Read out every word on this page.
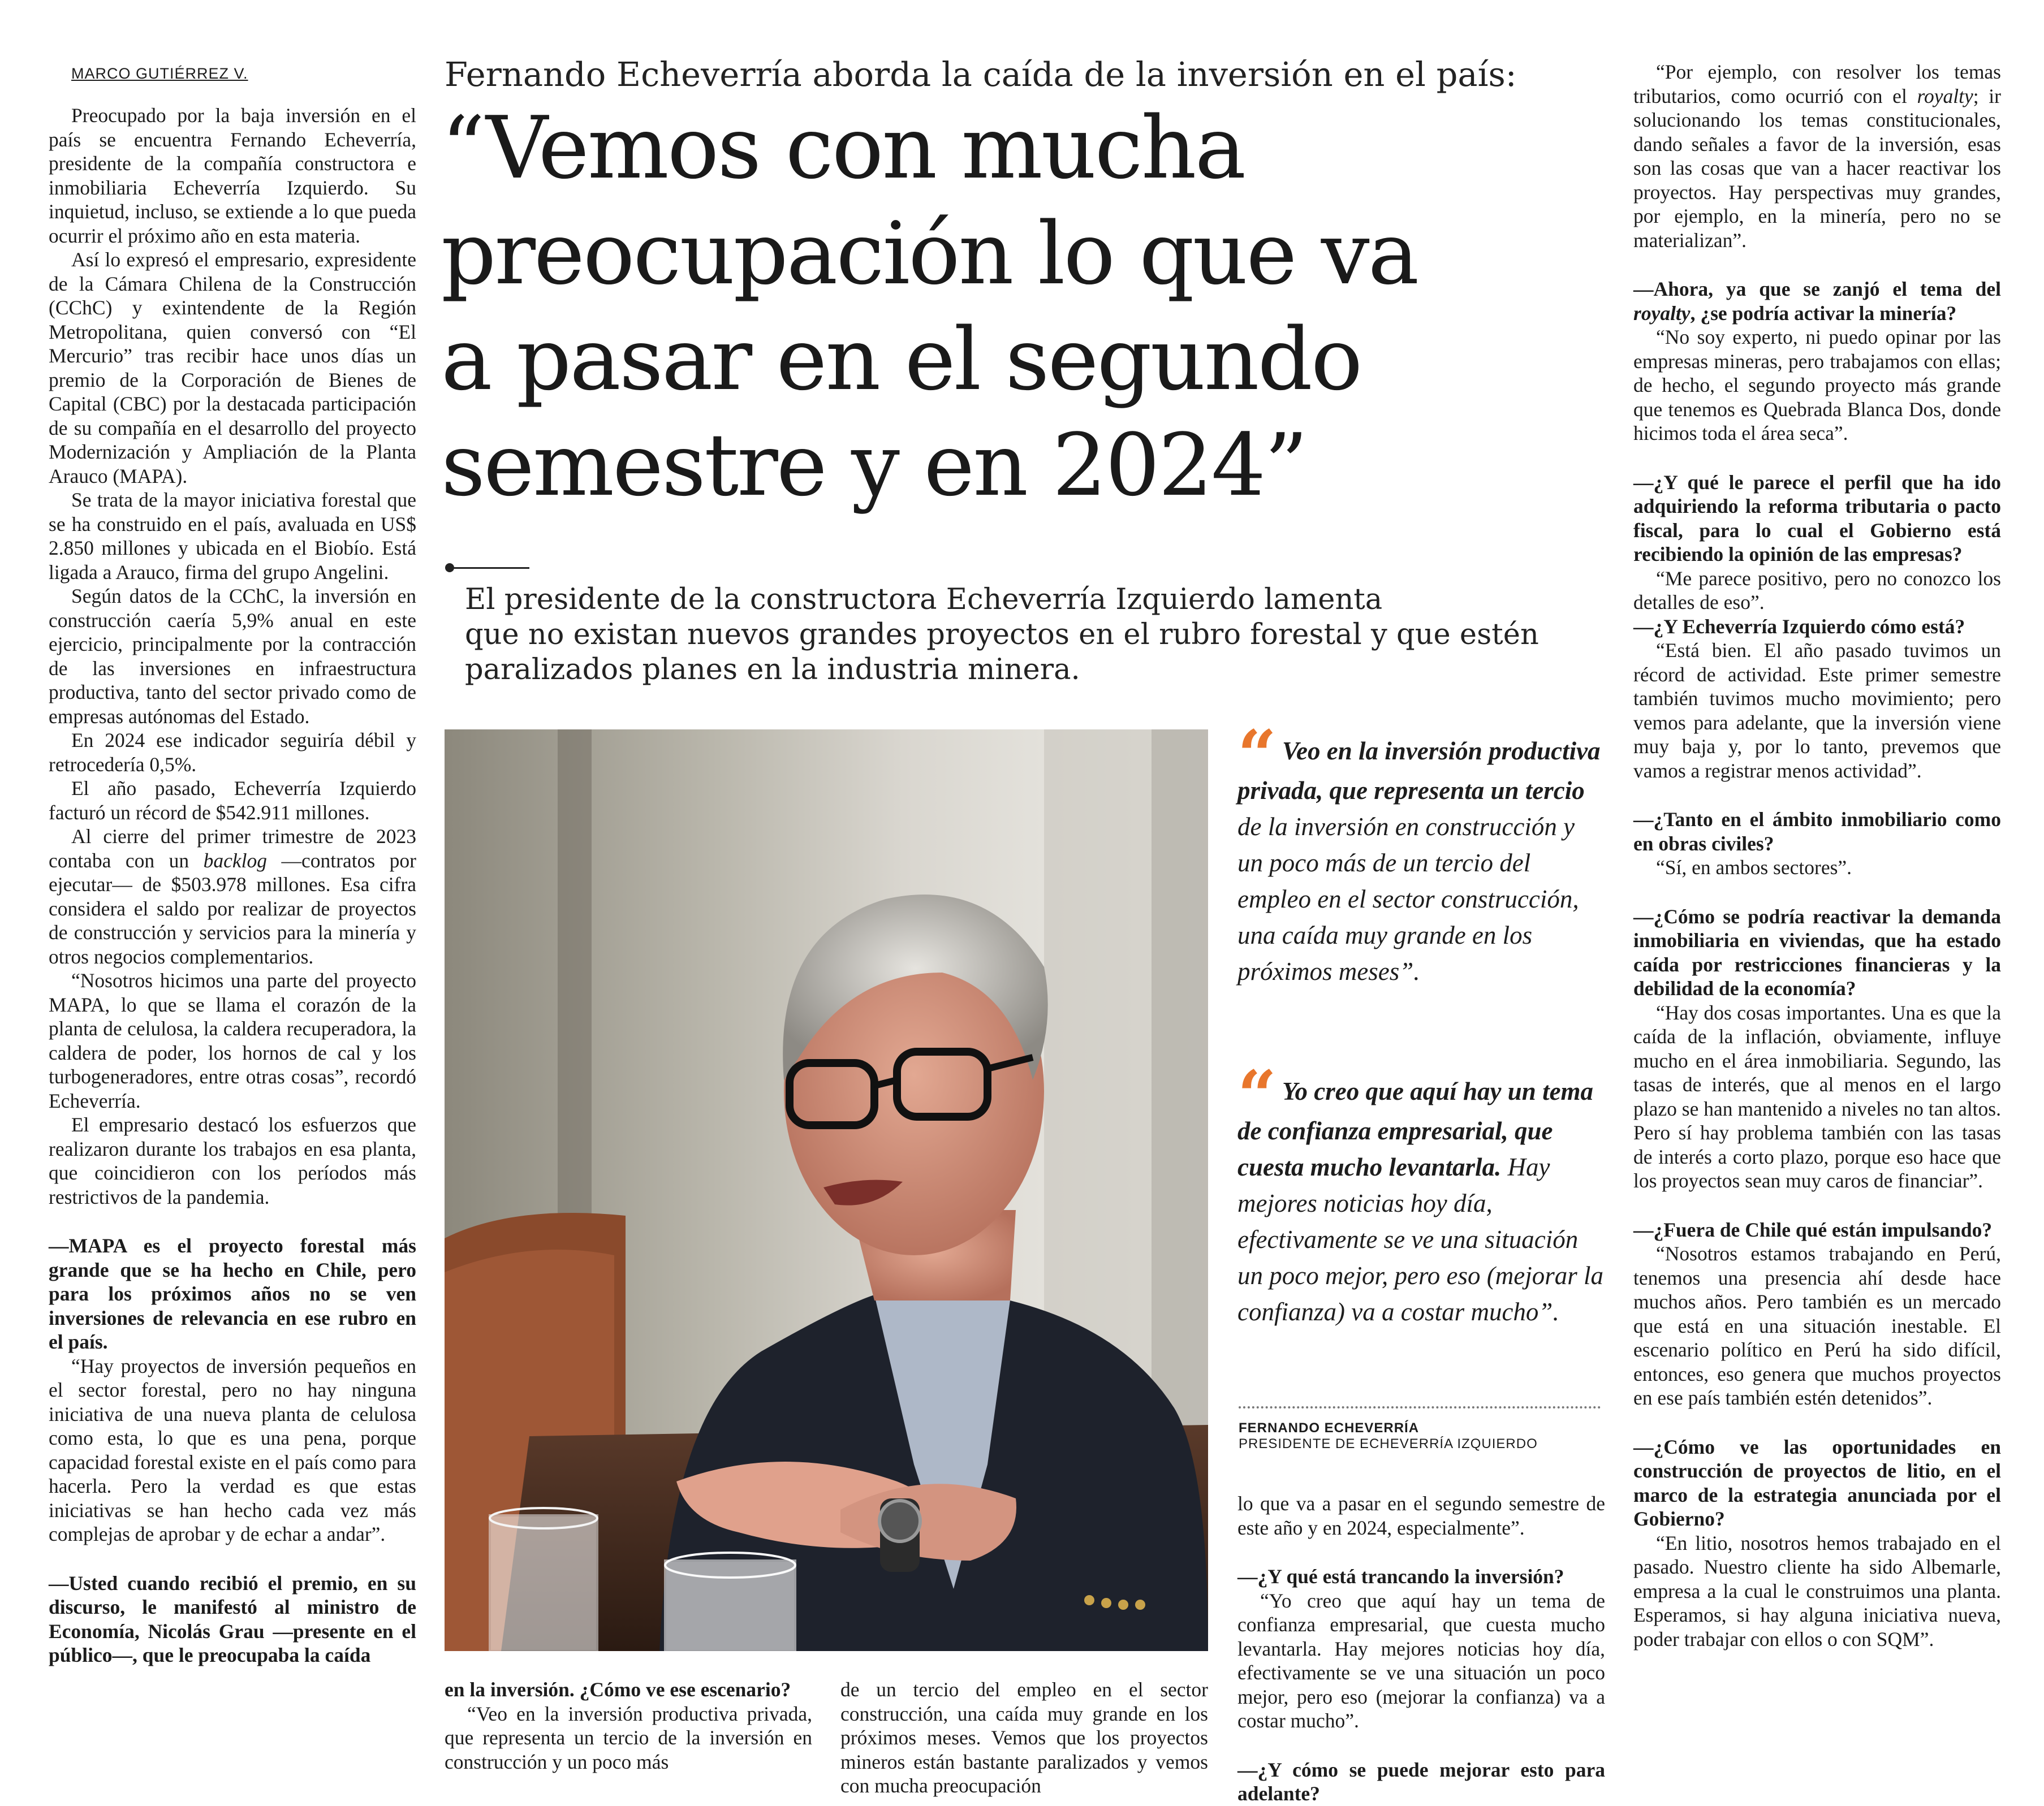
MARCO GUTIÉRREZ V.

Preocupado por la baja inversión en el país se encuentra Fernando Echeverría, presidente de la compañía constructora e inmobiliaria Echeverría Izquierdo. Su inquietud, incluso, se extiende a lo que pueda ocurrir el próximo año en esta materia.

Así lo expresó el empresario, expresidente de la Cámara Chilena de la Construcción (CChC) y exintendente de la Región Metropolitana, quien conversó con “El Mercurio” tras recibir hace unos días un premio de la Corporación de Bienes de Capital (CBC) por la destacada participación de su compañía en el desarrollo del proyecto Modernización y Ampliación de la Planta Arauco (MAPA).

Se trata de la mayor iniciativa forestal que se ha construido en el país, avaluada en US$ 2.850 millones y ubicada en el Biobío. Está ligada a Arauco, firma del grupo Angelini.

Según datos de la CChC, la inversión en construcción caería 5,9% anual en este ejercicio, principalmente por la contracción de las inversiones en infraestructura productiva, tanto del sector privado como de empresas autónomas del Estado.

En 2024 ese indicador seguiría débil y retrocedería 0,5%.

El año pasado, Echeverría Izquierdo facturó un récord de $542.911 millones.

Al cierre del primer trimestre de 2023 contaba con un backlog —contratos por ejecutar— de $503.978 millones. Esa cifra considera el saldo por realizar de proyectos de construcción y servicios para la minería y otros negocios complementarios.

“Nosotros hicimos una parte del proyecto MAPA, lo que se llama el corazón de la planta de celulosa, la caldera recuperadora, la caldera de poder, los hornos de cal y los turbogeneradores, entre otras cosas”, recordó Echeverría.

El empresario destacó los esfuerzos que realizaron durante los trabajos en esa planta, que coincidieron con los períodos más restrictivos de la pandemia.

—MAPA es el proyecto forestal más grande que se ha hecho en Chile, pero para los próximos años no se ven inversiones de relevancia en ese rubro en el país.

“Hay proyectos de inversión pequeños en el sector forestal, pero no hay ninguna iniciativa de una nueva planta de celulosa como esta, lo que es una pena, porque capacidad forestal existe en el país como para hacerla. Pero la verdad es que estas iniciativas se han hecho cada vez más complejas de aprobar y de echar a andar”.

—Usted cuando recibió el premio, en su discurso, le manifestó al ministro de Economía, Nicolás Grau —presente en el público—, que le preocupaba la caída

Fernando Echeverría aborda la caída de la inversión en el país:
“Vemos con mucha
preocupación lo que va
a pasar en el segundo
semestre y en 2024”
El presidente de la constructora Echeverría Izquierdo lamenta
que no existan nuevos grandes proyectos en el rubro forestal y que estén
paralizados planes en la industria minera.
“ Veo en la inversión productiva privada, que representa un tercio de la inversión en construcción y un poco más de un tercio del empleo en el sector construcción, una caída muy grande en los próximos meses”.
“ Yo creo que aquí hay un tema de confianza empresarial, que cuesta mucho levantarla. Hay mejores noticias hoy día, efectivamente se ve una situación un poco mejor, pero eso (mejorar la confianza) va a costar mucho”.
FERNANDO ECHEVERRÍA
PRESIDENTE DE ECHEVERRÍA IZQUIERDO

en la inversión. ¿Cómo ve ese escenario?

“Veo en la inversión productiva privada, que representa un tercio de la inversión en construcción y un poco más

de un tercio del empleo en el sector construcción, una caída muy grande en los próximos meses. Vemos que los proyectos mineros están bastante paralizados y vemos con mucha preocupación

lo que va a pasar en el segundo semestre de este año y en 2024, especialmente”.

—¿Y qué está trancando la inversión?

“Yo creo que aquí hay un tema de confianza empresarial, que cuesta mucho levantarla. Hay mejores noticias hoy día, efectivamente se ve una situación un poco mejor, pero eso (mejorar la confianza) va a costar mucho”.

—¿Y cómo se puede mejorar esto para adelante?

“Por ejemplo, con resolver los temas tributarios, como ocurrió con el royalty; ir solucionando los temas constitucionales, dando señales a favor de la inversión, esas son las cosas que van a hacer reactivar los proyectos. Hay perspectivas muy grandes, por ejemplo, en la minería, pero no se materializan”.

—Ahora, ya que se zanjó el tema del royalty, ¿se podría activar la minería?

“No soy experto, ni puedo opinar por las empresas mineras, pero trabajamos con ellas; de hecho, el segundo proyecto más grande que tenemos es Quebrada Blanca Dos, donde hicimos toda el área seca”.

—¿Y qué le parece el perfil que ha ido adquiriendo la reforma tributaria o pacto fiscal, para lo cual el Gobierno está recibiendo la opinión de las empresas?

“Me parece positivo, pero no conozco los detalles de eso”.

—¿Y Echeverría Izquierdo cómo está?

“Está bien. El año pasado tuvimos un récord de actividad. Este primer semestre también tuvimos mucho movimiento; pero vemos para adelante, que la inversión viene muy baja y, por lo tanto, prevemos que vamos a registrar menos actividad”.

—¿Tanto en el ámbito inmobiliario como en obras civiles?

“Sí, en ambos sectores”.

—¿Cómo se podría reactivar la demanda inmobiliaria en viviendas, que ha estado caída por restricciones financieras y la debilidad de la economía?

“Hay dos cosas importantes. Una es que la caída de la inflación, obviamente, influye mucho en el área inmobiliaria. Segundo, las tasas de interés, que al menos en el largo plazo se han mantenido a niveles no tan altos. Pero sí hay problema también con las tasas de interés a corto plazo, porque eso hace que los proyectos sean muy caros de financiar”.

—¿Fuera de Chile qué están impulsando?

“Nosotros estamos trabajando en Perú, tenemos una presencia ahí desde hace muchos años. Pero también es un mercado que está en una situación inestable. El escenario político en Perú ha sido difícil, entonces, eso genera que muchos proyectos en ese país también estén detenidos”.

—¿Cómo ve las oportunidades en construcción de proyectos de litio, en el marco de la estrategia anunciada por el Gobierno?

“En litio, nosotros hemos trabajado en el pasado. Nuestro cliente ha sido Albemarle, empresa a la cual le construimos una planta. Esperamos, si hay alguna iniciativa nueva, poder trabajar con ellos o con SQM”.
